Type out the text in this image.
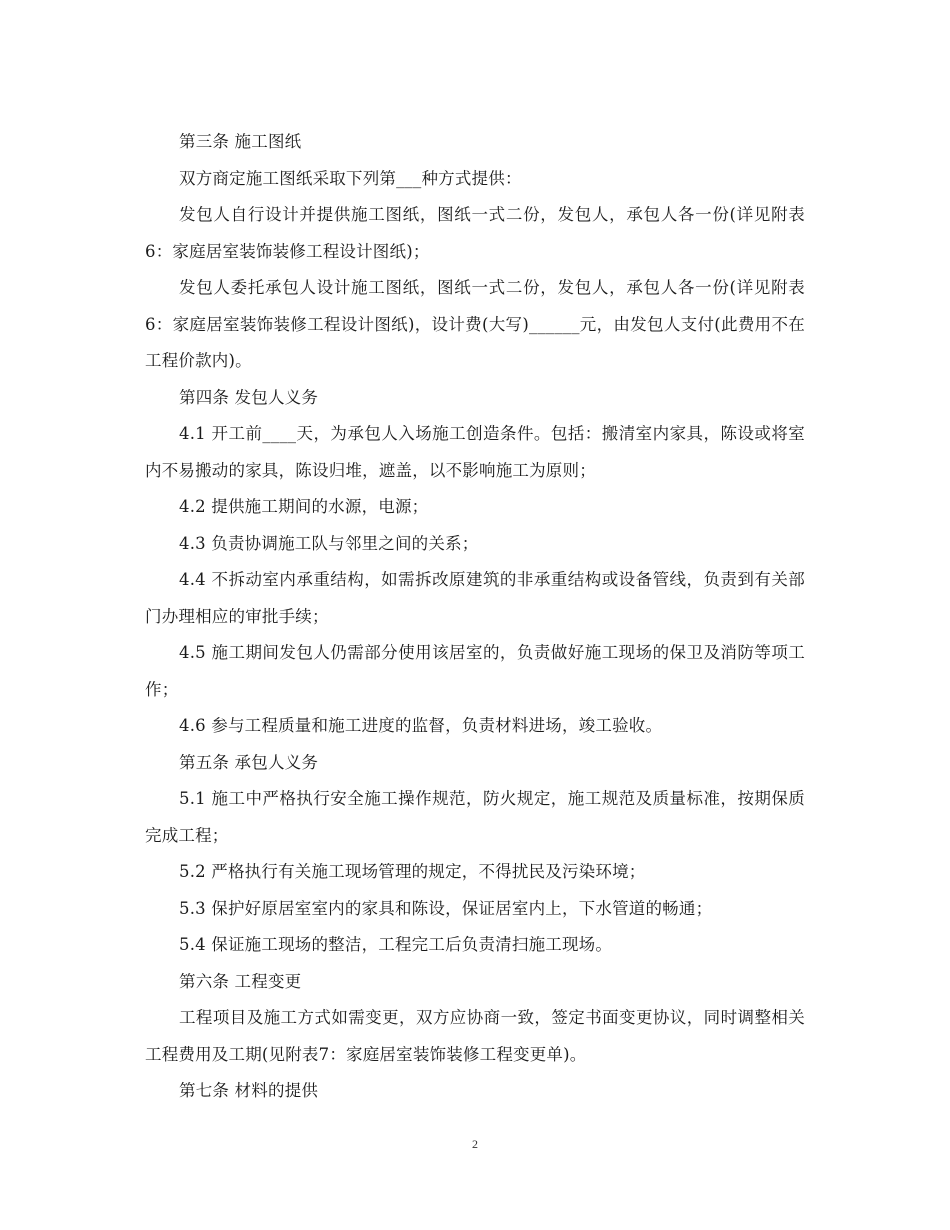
第三条 施工图纸

双方商定施工图纸采取下列第___种方式提供：

发包人自行设计并提供施工图纸，图纸一式二份，发包人，承包人各一份(详见附表6：家庭居室装饰装修工程设计图纸)；

发包人委托承包人设计施工图纸，图纸一式二份，发包人，承包人各一份(详见附表6：家庭居室装饰装修工程设计图纸)，设计费(大写)______元，由发包人支付(此费用不在工程价款内)。

第四条 发包人义务

4.1 开工前____天，为承包人入场施工创造条件。包括：搬清室内家具，陈设或将室内不易搬动的家具，陈设归堆，遮盖，以不影响施工为原则；

4.2 提供施工期间的水源，电源；

4.3 负责协调施工队与邻里之间的关系；

4.4 不拆动室内承重结构，如需拆改原建筑的非承重结构或设备管线，负责到有关部门办理相应的审批手续；

4.5 施工期间发包人仍需部分使用该居室的，负责做好施工现场的保卫及消防等项工作；

4.6 参与工程质量和施工进度的监督，负责材料进场，竣工验收。

第五条 承包人义务

5.1 施工中严格执行安全施工操作规范，防火规定，施工规范及质量标准，按期保质完成工程；

5.2 严格执行有关施工现场管理的规定，不得扰民及污染环境；

5.3 保护好原居室室内的家具和陈设，保证居室内上，下水管道的畅通；

5.4 保证施工现场的整洁，工程完工后负责清扫施工现场。

第六条 工程变更

工程项目及施工方式如需变更，双方应协商一致，签定书面变更协议，同时调整相关工程费用及工期(见附表7：家庭居室装饰装修工程变更单)。

第七条 材料的提供

2
